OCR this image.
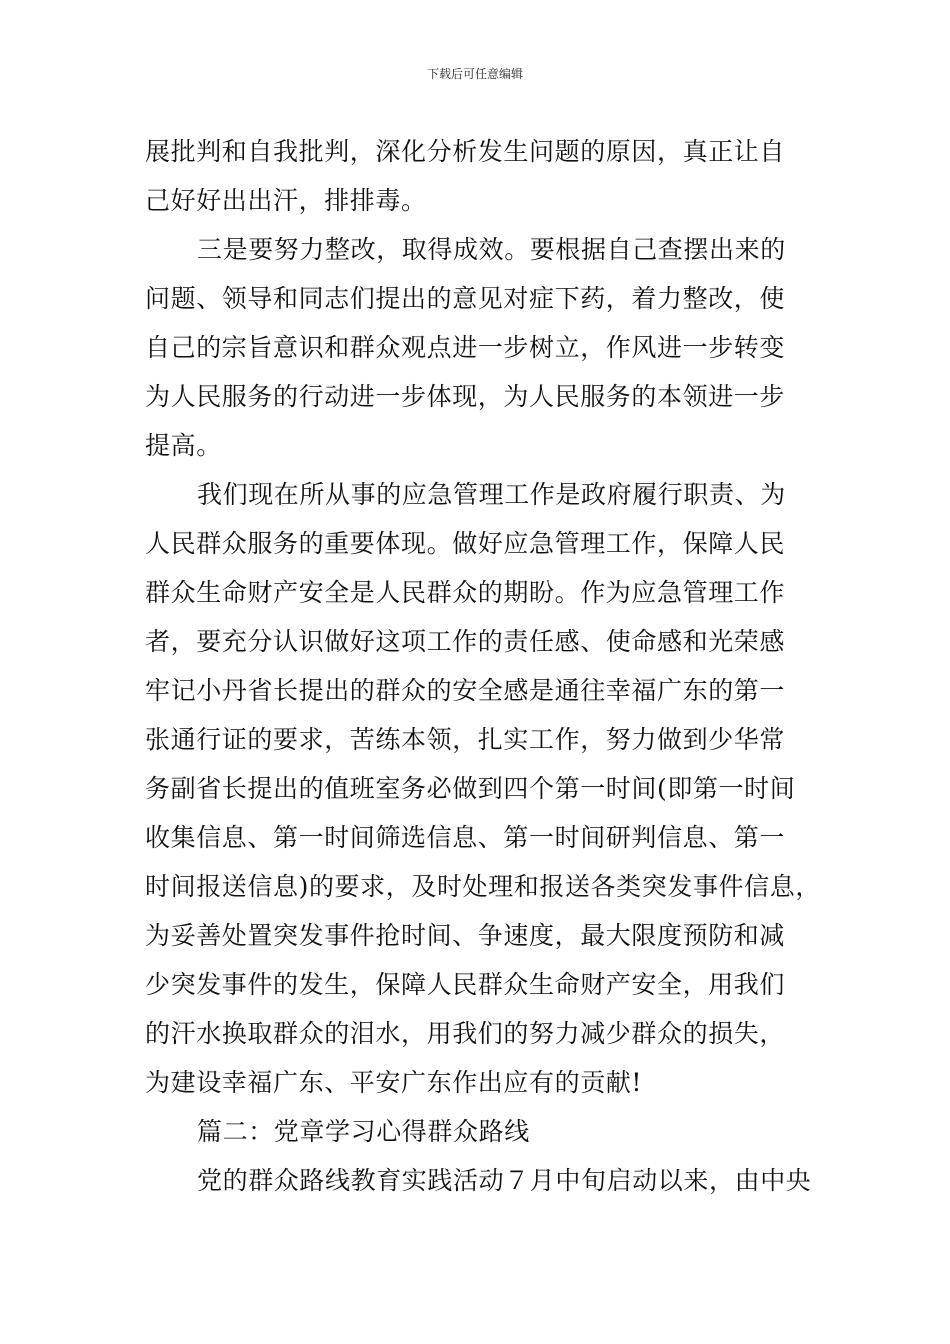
下载后可任意编辑
展批判和自我批判，深化分析发生问题的原因，真正让自
己好好出出汗，排排毒。
三是要努力整改，取得成效。要根据自己查摆出来的
问题、领导和同志们提出的意见对症下药，着力整改，使
自己的宗旨意识和群众观点进一步树立，作风进一步转变
为人民服务的行动进一步体现，为人民服务的本领进一步
提高。
我们现在所从事的应急管理工作是政府履行职责、为
人民群众服务的重要体现。做好应急管理工作，保障人民
群众生命财产安全是人民群众的期盼。作为应急管理工作
者，要充分认识做好这项工作的责任感、使命感和光荣感
牢记小丹省长提出的群众的安全感是通往幸福广东的第一
张通行证的要求，苦练本领，扎实工作，努力做到少华常
务副省长提出的值班室务必做到四个第一时间(即第一时间
收集信息、第一时间筛选信息、第一时间研判信息、第一
时间报送信息)的要求，及时处理和报送各类突发事件信息，
为妥善处置突发事件抢时间、争速度，最大限度预防和减
少突发事件的发生，保障人民群众生命财产安全，用我们
的汗水换取群众的泪水，用我们的努力减少群众的损失，
为建设幸福广东、平安广东作出应有的贡献!
篇二：党章学习心得群众路线
党的群众路线教育实践活动７月中旬启动以来，由中央
